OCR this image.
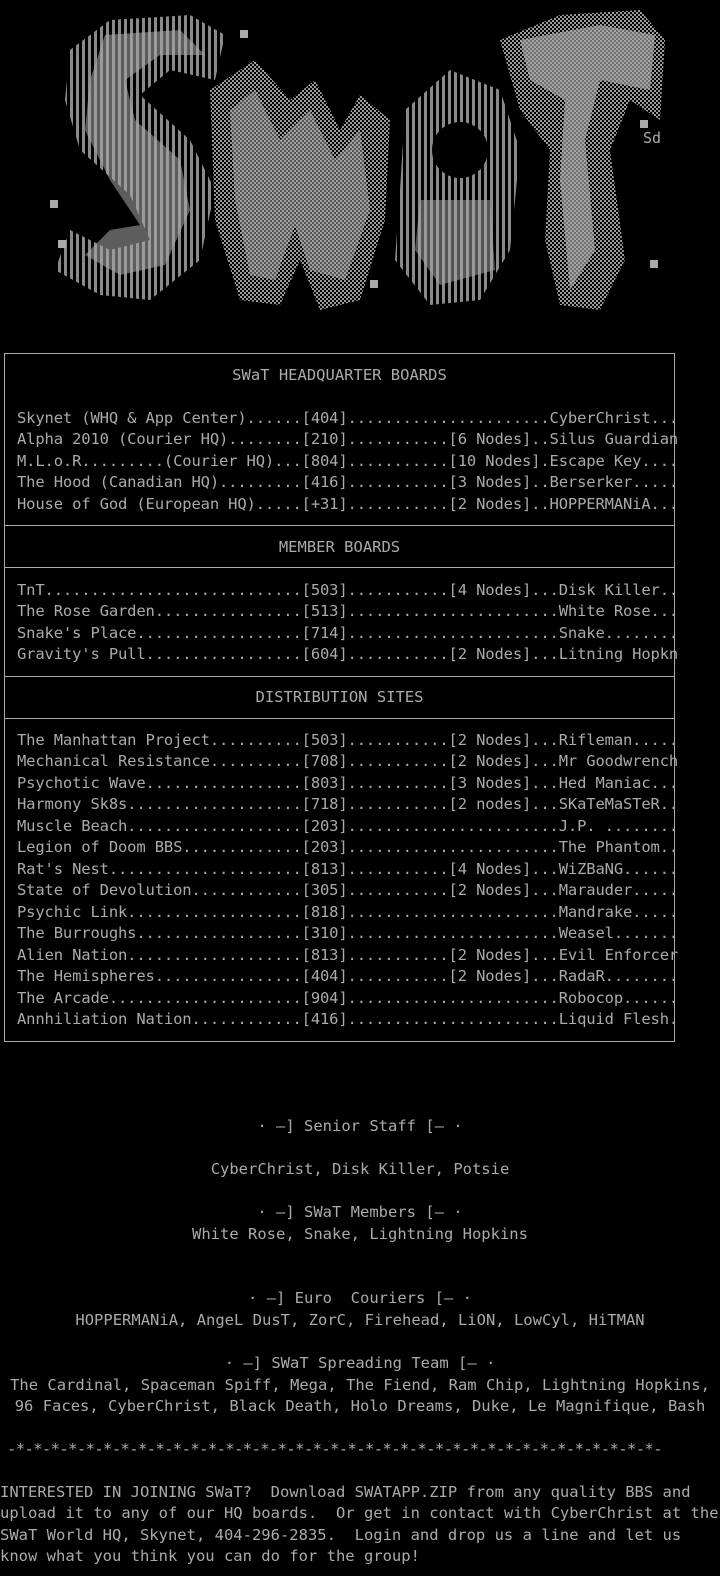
Sd
SWaT HEADQUARTER BOARDS
Skynet (WHQ & App Center)......[404]......................CyberChrist...
Alpha 2010 (Courier HQ)........[210]...........[6 Nodes]..Silus Guardian
M.L.o.R.........(Courier HQ)...[804]...........[10 Nodes].Escape Key....
The Hood (Canadian HQ).........[416]...........[3 Nodes]..Berserker.....
House of God (European HQ).....[+31]...........[2 Nodes]..HOPPERMANiA...
MEMBER BOARDS
TnT............................[503]...........[4 Nodes]...Disk Killer..
The Rose Garden................[513].......................White Rose...
Snake's Place..................[714].......................Snake........
Gravity's Pull.................[604]...........[2 Nodes]...Litning Hopkn
DISTRIBUTION SITES
The Manhattan Project..........[503]...........[2 Nodes]...Rifleman.....
Mechanical Resistance..........[708]...........[2 Nodes]...Mr Goodwrench
Psychotic Wave.................[803]...........[3 Nodes]...Hed Maniac...
Harmony Sk8s...................[718]...........[2 nodes]...SKaTeMaSTeR..
Muscle Beach...................[203].......................J.P. ........
Legion of Doom BBS.............[203].......................The Phantom..
Rat's Nest.....................[813]...........[4 Nodes]...WiZBaNG......
State of Devolution............[305]...........[2 Nodes]...Marauder.....
Psychic Link...................[818].......................Mandrake.....
The Burroughs..................[310].......................Weasel.......
Alien Nation...................[813]...........[2 Nodes]...Evil Enforcer
The Hemispheres................[404]...........[2 Nodes]...RadaR........
The Arcade.....................[904].......................Robocop......
Annhiliation Nation............[416].......................Liquid Flesh.
· —] Senior Staff [— ·
CyberChrist, Disk Killer, Potsie
· —] SWaT Members [— ·
White Rose, Snake, Lightning Hopkins
· —] Euro  Couriers [— ·
HOPPERMANiA, AngeL DusT, ZorC, Firehead, LiON, LowCyl, HiTMAN
· —] SWaT Spreading Team [— ·
The Cardinal, Spaceman Spiff, Mega, The Fiend, Ram Chip, Lightning Hopkins,
96 Faces, CyberChrist, Black Death, Holo Dreams, Duke, Le Magnifique, Bash
-*-*-*-*-*-*-*-*-*-*-*-*-*-*-*-*-*-*-*-*-*-*-*-*-*-*-*-*-*-*-*-*-*-*-*-*-*-
INTERESTED IN JOINING SWaT?  Download SWATAPP.ZIP from any quality BBS and
upload it to any of our HQ boards.  Or get in contact with CyberChrist at the
SWaT World HQ, Skynet, 404-296-2835.  Login and drop us a line and let us
know what you think you can do for the group!
